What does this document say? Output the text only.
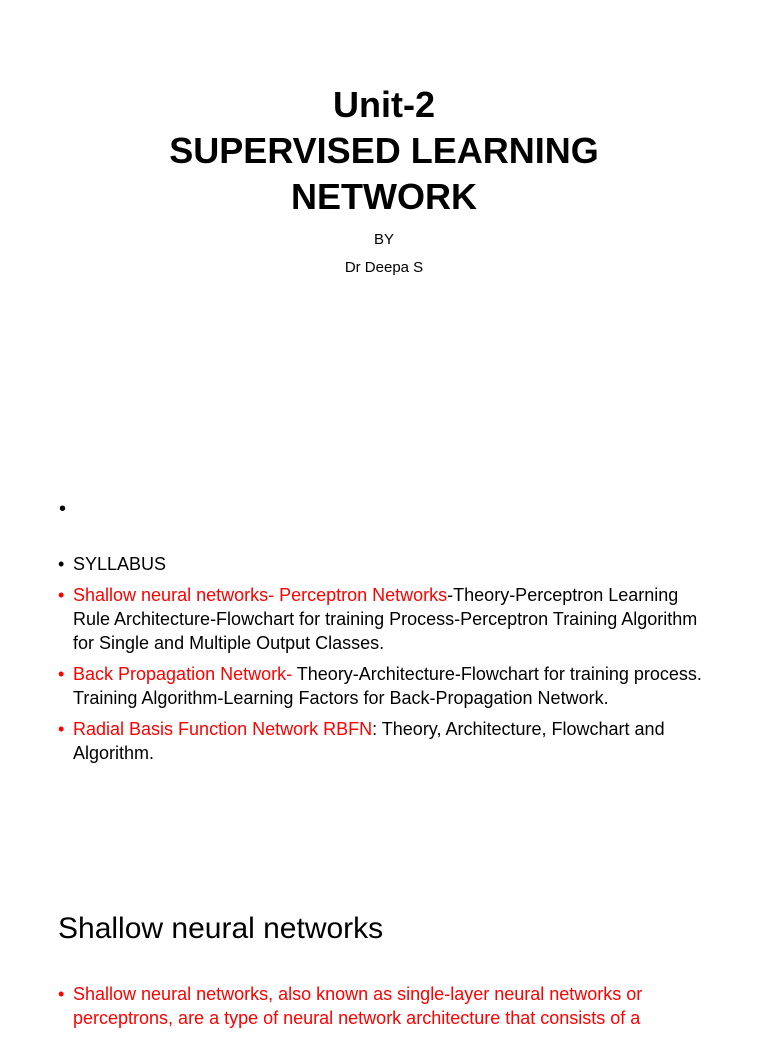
Unit-2
SUPERVISED LEARNING
NETWORK
BY
Dr Deepa S
•
• SYLLABUS
• Shallow neural networks- Perceptron Networks-Theory-Perceptron Learning Rule Architecture-Flowchart for training Process-Perceptron Training Algorithm for Single and Multiple Output Classes.
• Back Propagation Network- Theory-Architecture-Flowchart for training process. Training Algorithm-Learning Factors for Back-Propagation Network.
• Radial Basis Function Network RBFN: Theory, Architecture, Flowchart and Algorithm.
Shallow neural networks
• Shallow neural networks, also known as single-layer neural networks or perceptrons, are a type of neural network architecture that consists of a
